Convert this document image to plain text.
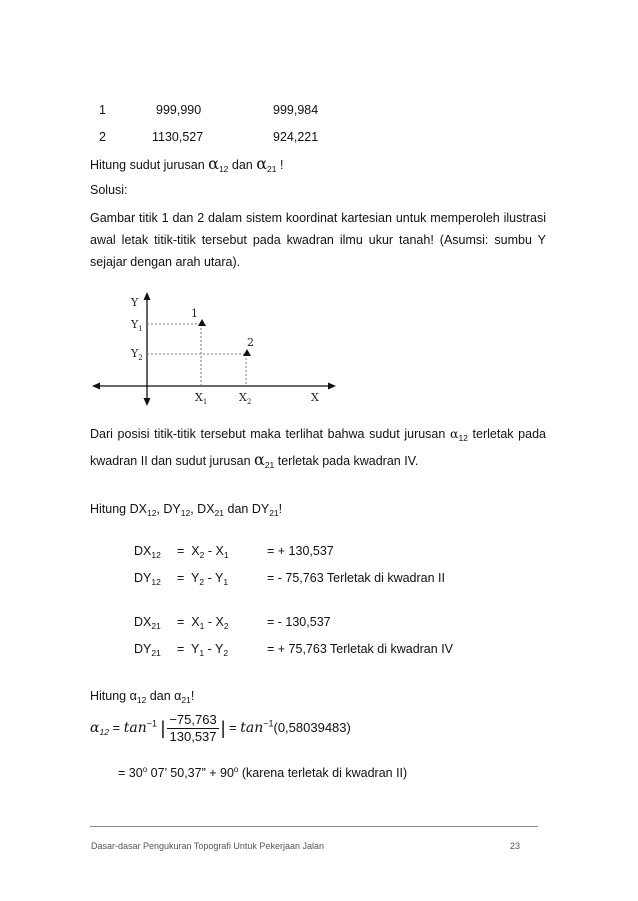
1	999,990	999,984
2	1130,527	924,221
Hitung sudut jurusan $\alpha_{12}$ dan $\alpha_{21}$ !
Solusi:
Gambar titik 1 dan 2 dalam sistem koordinat kartesian untuk memperoleh ilustrasi awal letak titik-titik tersebut pada kwadran ilmu ukur tanah! (Asumsi: sumbu Y sejajar dengan arah utara).
Y
$Y_1$
$Y_2$
1
2
$X_1$	$X_2$	X
Dari posisi titik-titik tersebut maka terlihat bahwa sudut jurusan $\alpha_{12}$ terletak pada kwadran II dan sudut jurusan $\alpha_{21}$ terletak pada kwadran IV.
Hitung $DX_{12}$, $DY_{12}$, $DX_{21}$ dan $DY_{21}$!
$DX_{12} = X_2 - X_1$	= + 130,537
$DY_{12} = Y_2 - Y_1$	= - 75,763 Terletak di kwadran II
$DX_{21} = X_1 - X_2$	= - 130,537
$DY_{21} = Y_1 - Y_2$	= + 75,763 Terletak di kwadran IV
Hitung $\alpha_{12}$ dan $\alpha_{21}$!
$\alpha_{12} = \tan^{-1}$ | $\frac{-75,763}{130,537}$ | = $\tan^{-1}(0,58039483)$
= $30^o$ 07’ 50,37” + $90^o$ (karena terletak di kwadran II)
Dasar-dasar Pengukuran Topografi Untuk Pekerjaan Jalan	23
